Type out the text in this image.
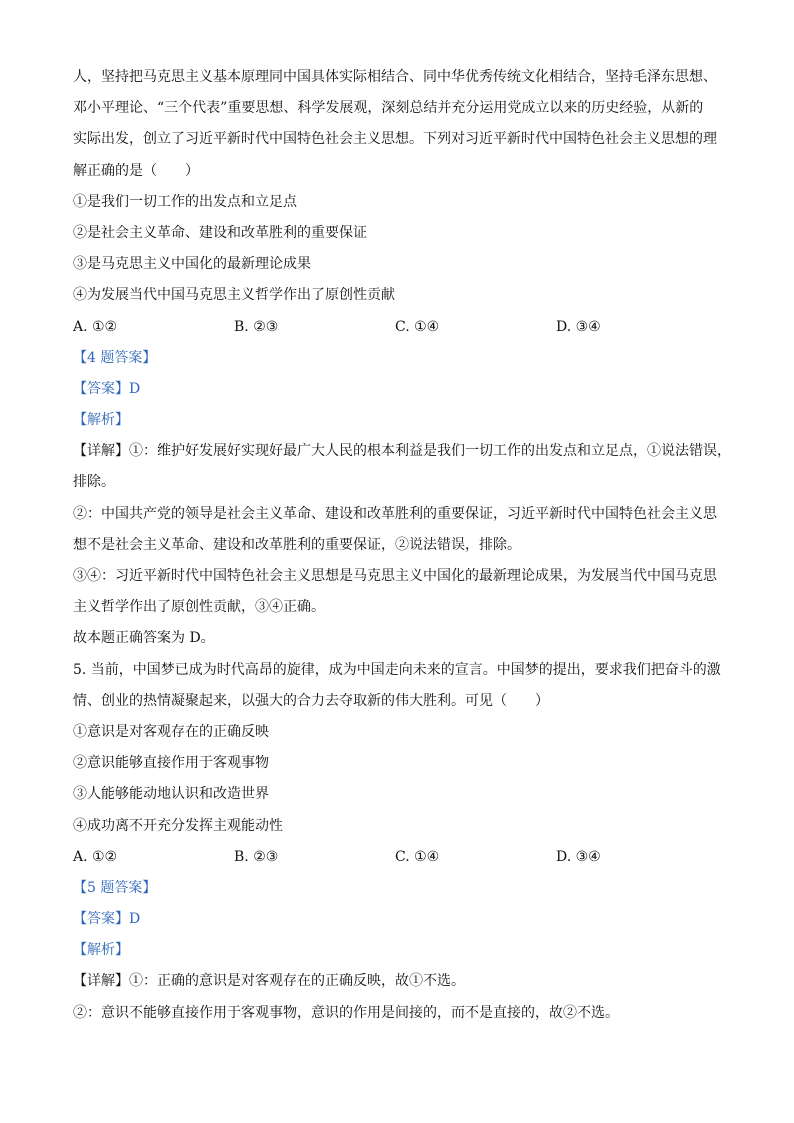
人，坚持把马克思主义基本原理同中国具体实际相结合、同中华优秀传统文化相结合，坚持毛泽东思想、

邓小平理论、“三个代表”重要思想、科学发展观，深刻总结并充分运用党成立以来的历史经验，从新的

实际出发，创立了习近平新时代中国特色社会主义思想。下列对习近平新时代中国特色社会主义思想的理

解正确的是（　　）

①是我们一切工作的出发点和立足点

②是社会主义革命、建设和改革胜利的重要保证

③是马克思主义中国化的最新理论成果

④为发展当代中国马克思主义哲学作出了原创性贡献

A. ①②	B. ②③	C. ①④	D. ③④

【4 题答案】

【答案】D

【解析】

【详解】①：维护好发展好实现好最广大人民的根本利益是我们一切工作的出发点和立足点，①说法错误，

排除。

②：中国共产党的领导是社会主义革命、建设和改革胜利的重要保证，习近平新时代中国特色社会主义思

想不是社会主义革命、建设和改革胜利的重要保证，②说法错误，排除。

③④：习近平新时代中国特色社会主义思想是马克思主义中国化的最新理论成果，为发展当代中国马克思

主义哲学作出了原创性贡献，③④正确。

故本题正确答案为 D。

5. 当前，中国梦已成为时代高昂的旋律，成为中国走向未来的宣言。中国梦的提出，要求我们把奋斗的激

情、创业的热情凝聚起来，以强大的合力去夺取新的伟大胜利。可见（　　）

①意识是对客观存在的正确反映

②意识能够直接作用于客观事物

③人能够能动地认识和改造世界

④成功离不开充分发挥主观能动性

A. ①②	B. ②③	C. ①④	D. ③④

【5 题答案】

【答案】D

【解析】

【详解】①：正确的意识是对客观存在的正确反映，故①不选。

②：意识不能够直接作用于客观事物，意识的作用是间接的，而不是直接的，故②不选。
